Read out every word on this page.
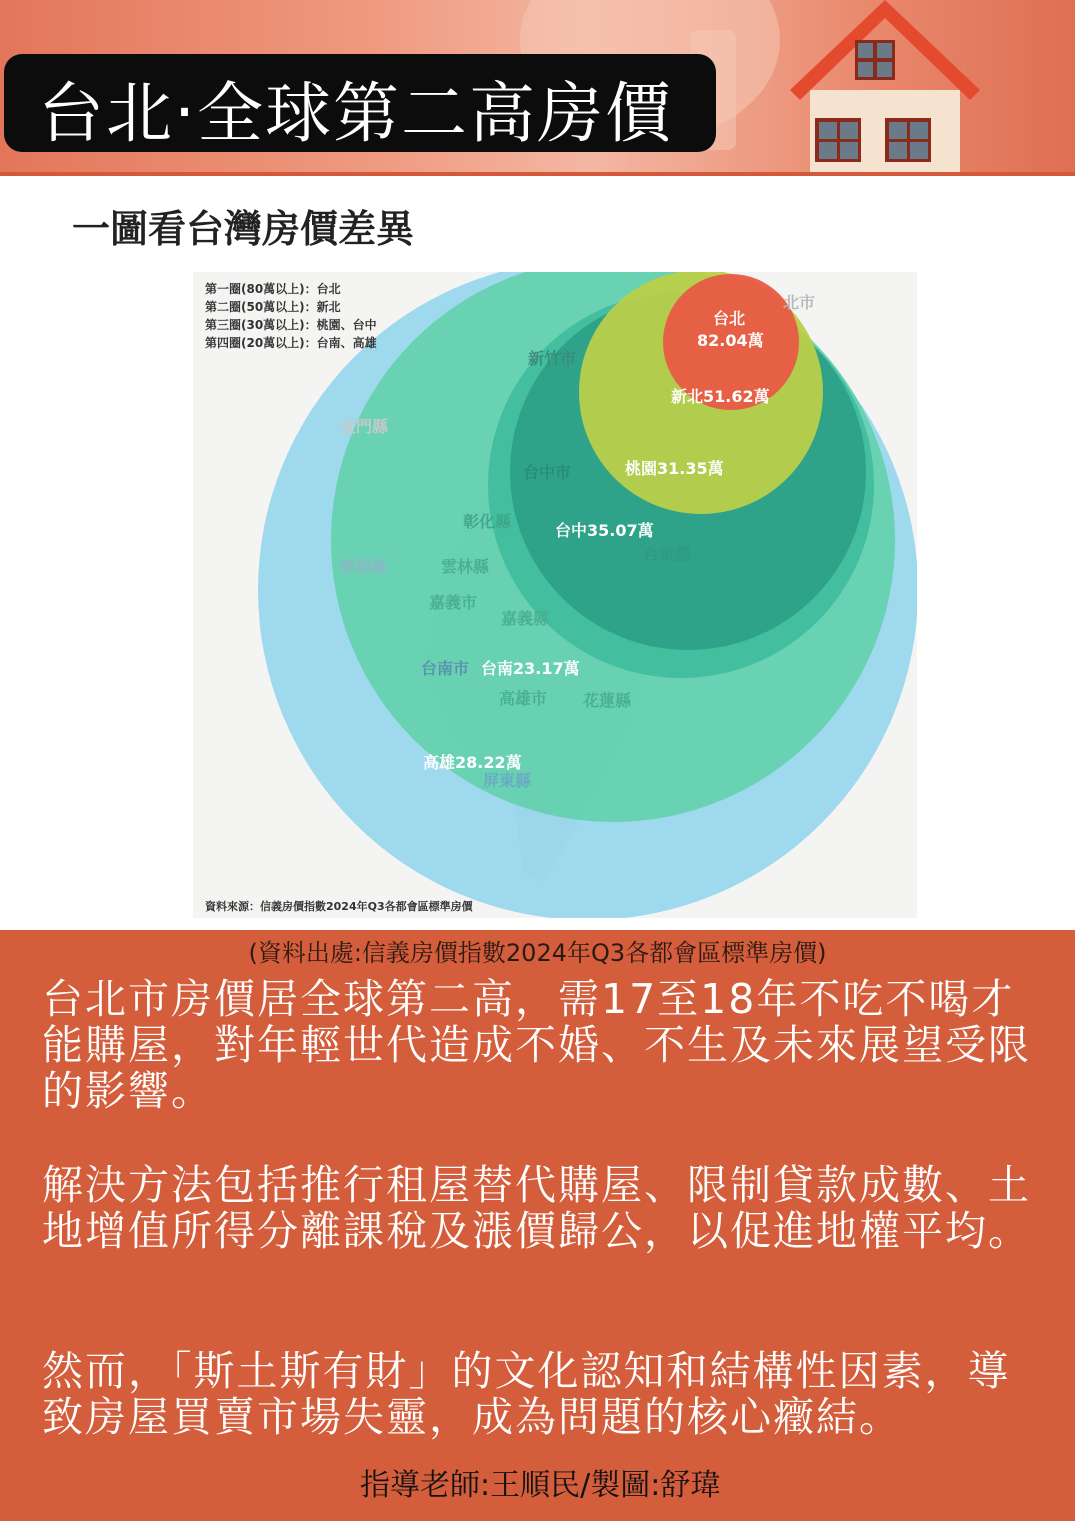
台北‧全球第二高房價
一圖看台灣房價差異
金門縣
新竹市
台中市
彰化縣
澎湖縣	雲林縣
嘉義市
嘉義縣
台南市
高雄市
屏東縣
台東縣
花蓮縣
北市
台北
82.04萬
新北51.62萬
桃園31.35萬
台中35.07萬
台南23.17萬
高雄28.22萬
第一圈(80萬以上)：台北
第二圈(50萬以上)：新北
第三圈(30萬以上)：桃園、台中
第四圈(20萬以上)：台南、高雄
資料來源：信義房價指數2024年Q3各都會區標準房價
(資料出處:信義房價指數2024年Q3各都會區標準房價)
台北市房價居全球第二高，需17至18年不吃不喝才能購屋，對年輕世代造成不婚、不生及未來展望受限的影響。
解決方法包括推行租屋替代購屋、限制貸款成數、土地增值所得分離課稅及漲價歸公，以促進地權平均。
然而，「斯土斯有財」的文化認知和結構性因素，導致房屋買賣市場失靈，成為問題的核心癥結。
指導老師:王順民/製圖:舒瑋
